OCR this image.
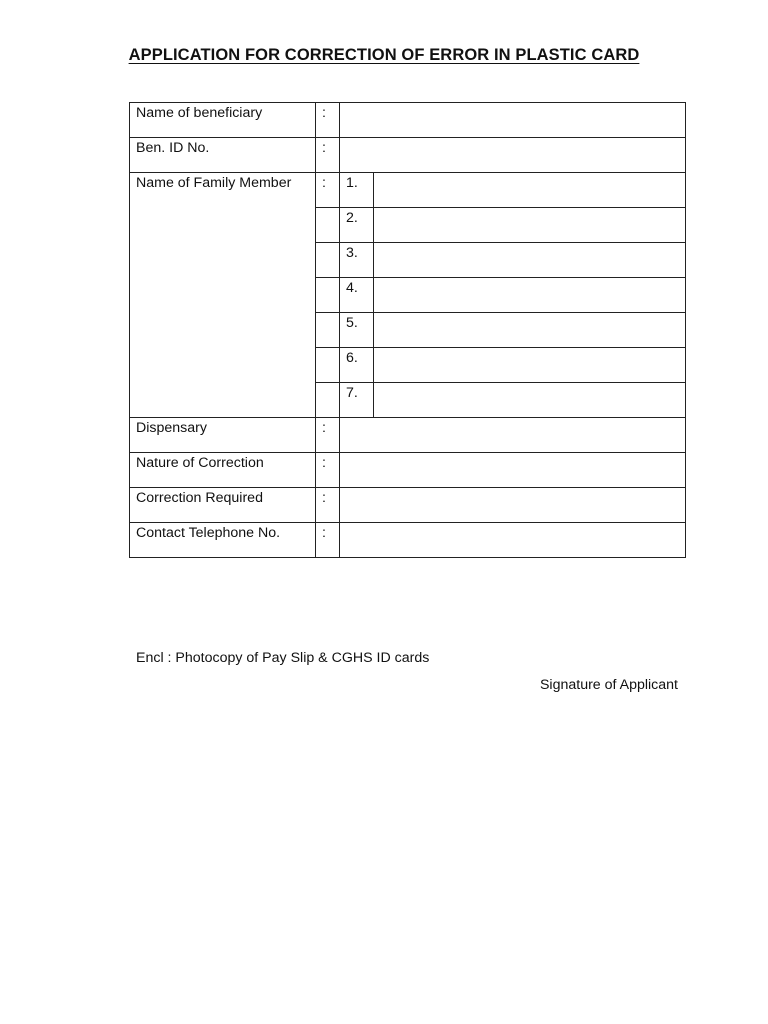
APPLICATION FOR CORRECTION OF ERROR IN PLASTIC CARD
Name of beneficiary	:		
Ben. ID No.	:		
Name of Family Member	:	1.	
		2.	
		3.	
		4.	
		5.	
		6.	
		7.	
Dispensary	:		
Nature of Correction	:		
Correction Required	:		
Contact Telephone No.	:		
Encl : Photocopy of Pay Slip & CGHS ID cards
Signature of Applicant
